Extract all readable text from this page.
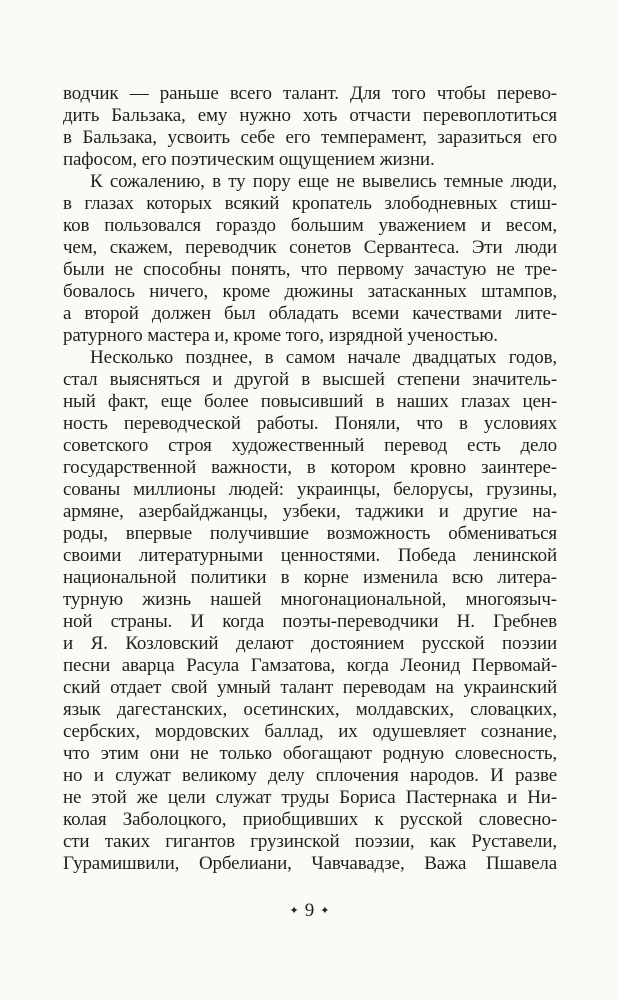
водчик — раньше всего талант. Для того чтобы перево-
дить Бальзака, ему нужно хоть отчасти перевоплотиться
в Бальзака, усвоить себе его темперамент, заразиться его
пафосом, его поэтическим ощущением жизни.
К сожалению, в ту пору еще не вывелись темные люди,
в глазах которых всякий кропатель злободневных стиш-
ков пользовался гораздо большим уважением и весом,
чем, скажем, переводчик сонетов Сервантеса. Эти люди
были не способны понять, что первому зачастую не тре-
бовалось ничего, кроме дюжины затасканных штампов,
а второй должен был обладать всеми качествами лите-
ратурного мастера и, кроме того, изрядной ученостью.
Несколько позднее, в самом начале двадцатых годов,
стал выясняться и другой в высшей степени значитель-
ный факт, еще более повысивший в наших глазах цен-
ность переводческой работы. Поняли, что в условиях
советского строя художественный перевод есть дело
государственной важности, в котором кровно заинтере-
сованы миллионы людей: украинцы, белорусы, грузины,
армяне, азербайджанцы, узбеки, таджики и другие на-
роды, впервые получившие возможность обмениваться
своими литературными ценностями. Победа ленинской
национальной политики в корне изменила всю литера-
турную жизнь нашей многонациональной, многоязыч-
ной страны. И когда поэты-переводчики Н. Гребнев
и Я. Козловский делают достоянием русской поэзии
песни аварца Расула Гамзатова, когда Леонид Первомай-
ский отдает свой умный талант переводам на украинский
язык дагестанских, осетинских, молдавских, словацких,
сербских, мордовских баллад, их одушевляет сознание,
что этим они не только обогащают родную словесность,
но и служат великому делу сплочения народов. И разве
не этой же цели служат труды Бориса Пастернака и Ни-
колая Заболоцкого, приобщивших к русской словесно-
сти таких гигантов грузинской поэзии, как Руставели,
Гурамишвили, Орбелиани, Чавчавадзе, Важа Пшавела
✦ 9 ✦
